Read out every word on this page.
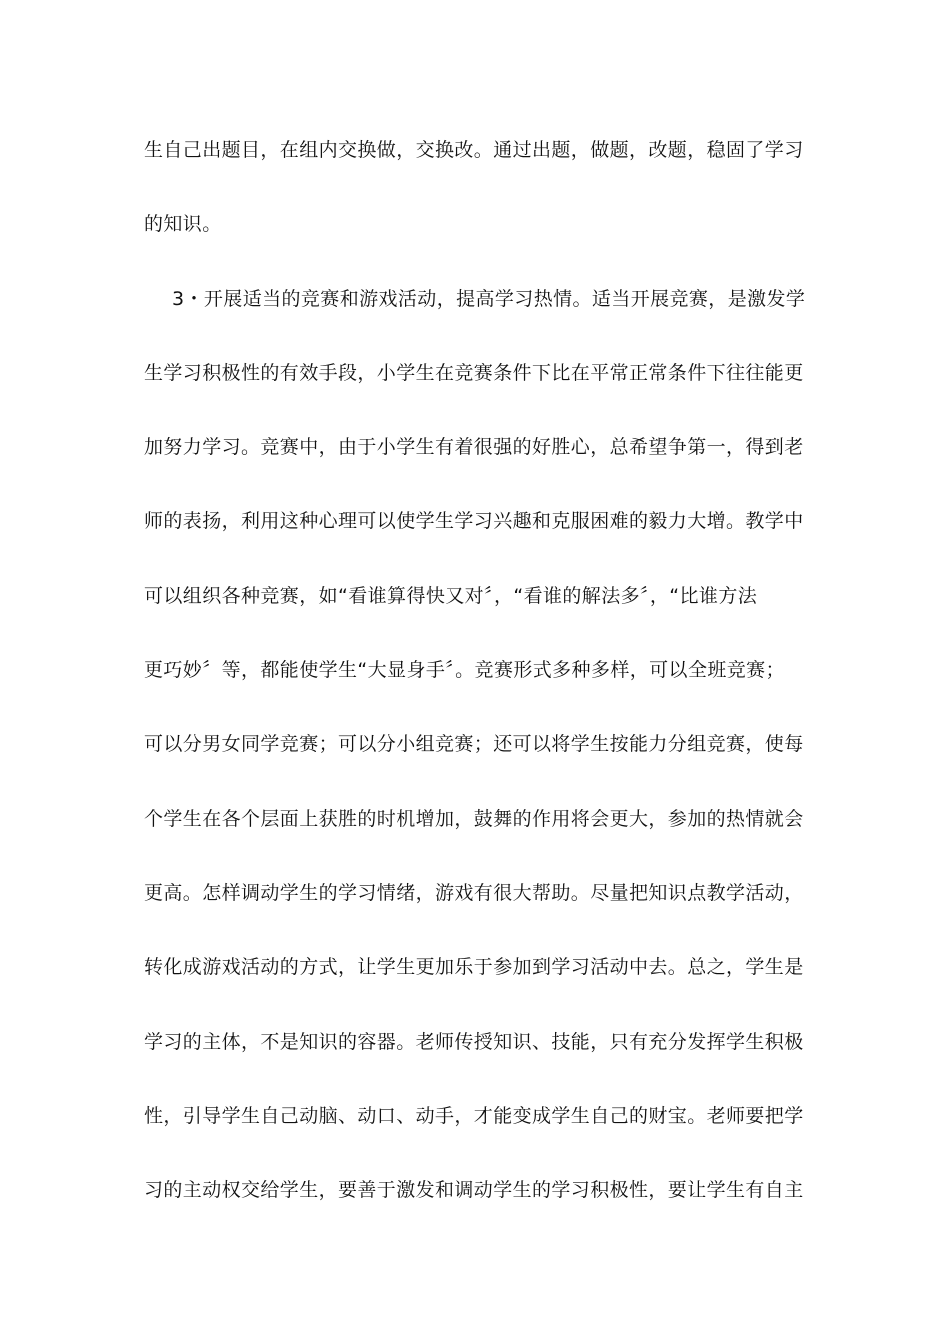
生自己出题目，在组内交换做，交换改。通过出题，做题，改题，稳固了学习
的知识。
3・开展适当的竞赛和游戏活动，提高学习热情。适当开展竞赛，是激发学
生学习积极性的有效手段，小学生在竞赛条件下比在平常正常条件下往往能更
加努力学习。竞赛中，由于小学生有着很强的好胜心，总希望争第一，得到老
师的表扬，利用这种心理可以使学生学习兴趣和克服困难的毅力大增。教学中
可以组织各种竞赛，如“看谁算得快又对〞，“看谁的解法多〞，“比谁方法
更巧妙〞等，都能使学生“大显身手〞。竞赛形式多种多样，可以全班竞赛；
可以分男女同学竞赛；可以分小组竞赛；还可以将学生按能力分组竞赛，使每
个学生在各个层面上获胜的时机增加，鼓舞的作用将会更大，参加的热情就会
更高。怎样调动学生的学习情绪，游戏有很大帮助。尽量把知识点教学活动，
转化成游戏活动的方式，让学生更加乐于参加到学习活动中去。总之，学生是
学习的主体，不是知识的容器。老师传授知识、技能，只有充分发挥学生积极
性，引导学生自己动脑、动口、动手，才能变成学生自己的财宝。老师要把学
习的主动权交给学生，要善于激发和调动学生的学习积极性，要让学生有自主
